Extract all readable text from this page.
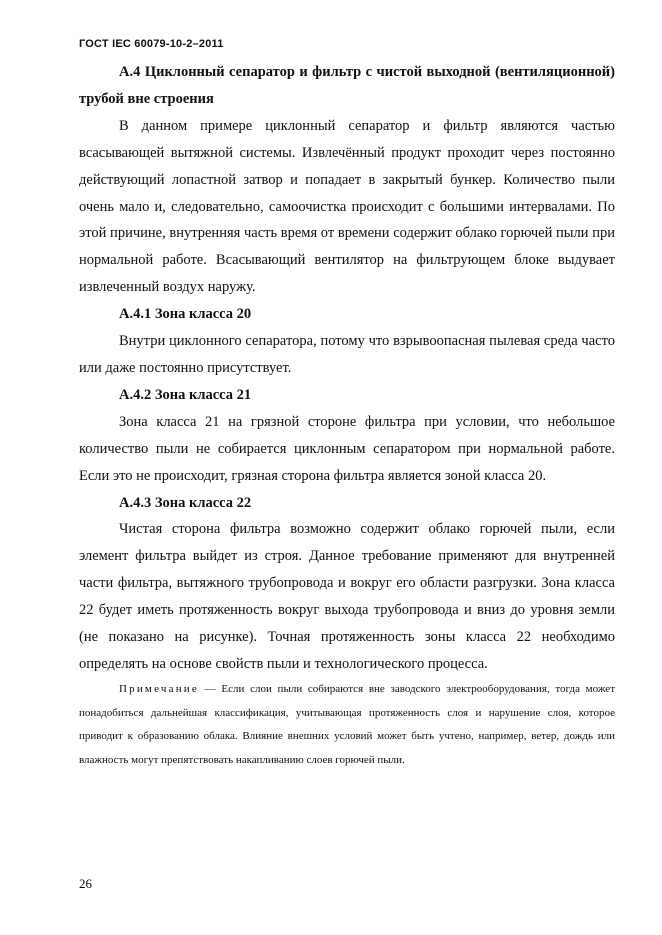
ГОСТ IEC 60079-10-2–2011

А.4 Циклонный сепаратор и фильтр с чистой выходной (вентиляционной) трубой вне строения

В данном примере циклонный сепаратор и фильтр являются частью всасывающей вытяжной системы. Извлечённый продукт проходит через постоянно действующий лопастной затвор и попадает в закрытый бункер. Количество пыли очень мало и, следовательно, самоочистка происходит с большими интервалами. По этой причине, внутренняя часть время от времени содержит облако горючей пыли при нормальной работе. Всасывающий вентилятор на фильтрующем блоке выдувает извлеченный воздух наружу.

А.4.1 Зона класса 20

Внутри циклонного сепаратора, потому что взрывоопасная пылевая среда часто или даже постоянно присутствует.

А.4.2 Зона класса 21

Зона класса 21 на грязной стороне фильтра при условии, что небольшое количество пыли не собирается циклонным сепаратором при нормальной работе. Если это не происходит, грязная сторона фильтра является зоной класса 20.

А.4.3 Зона класса 22

Чистая сторона фильтра возможно содержит облако горючей пыли, если элемент фильтра выйдет из строя. Данное требование применяют для внутренней части фильтра, вытяжного трубопровода и вокруг его области разгрузки. Зона класса 22 будет иметь протяженность вокруг выхода трубопровода и вниз до уровня земли (не показано на рисунке). Точная протяженность зоны класса 22 необходимо определять на основе свойств пыли и технологического процесса.

Примечание — Если слои пыли собираются вне заводского электрооборудования, тогда может понадобиться дальнейшая классификация, учитывающая протяженность слоя и нарушение слоя, которое приводит к образованию облака. Влияние внешних условий может быть учтено, например, ветер, дождь или влажность могут препятствовать накапливанию слоев горючей пыли.

26
